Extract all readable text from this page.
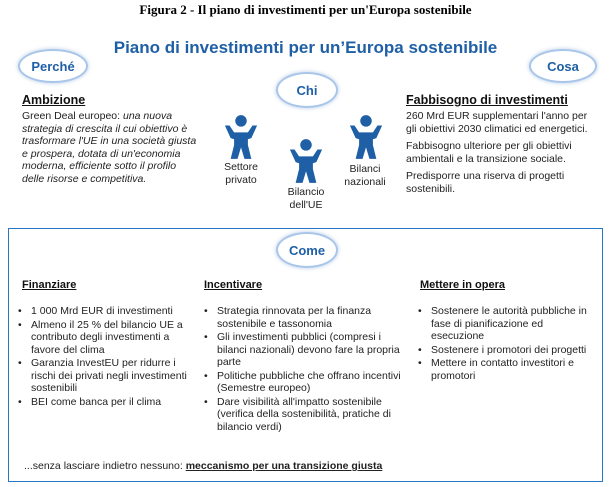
Figura 2 - Il piano di investimenti per un'Europa sostenibile
Piano di investimenti per un’Europa sostenibile
Perché
Chi
Cosa
Ambizione
Green Deal europeo: una nuova strategia di crescita il cui obiettivo è trasformare l'UE in una società giusta e prospera, dotata di un'economia moderna, efficiente sotto il profilo delle risorse e competitiva.
Settore
privato
Bilancio
dell'UE
Bilanci
nazionali
Fabbisogno di investimenti
260 Mrd EUR supplementari l'anno per gli obiettivi 2030 climatici ed energetici.
Fabbisogno ulteriore per gli obiettivi ambientali e la transizione sociale.
Predisporre una riserva di progetti sostenibili.
Come
Finanziare
• 1 000 Mrd EUR di investimenti
• Almeno il 25 % del bilancio UE a contributo degli investimenti a favore del clima
• Garanzia InvestEU per ridurre i rischi dei privati negli investimenti sostenibili
• BEI come banca per il clima
Incentivare
• Strategia rinnovata per la finanza sostenibile e tassonomia
• Gli investimenti pubblici (compresi i bilanci nazionali) devono fare la propria parte
• Politiche pubbliche che offrano incentivi (Semestre europeo)
• Dare visibilità all'impatto sostenibile (verifica della sostenibilità, pratiche di bilancio verdi)
Mettere in opera
• Sostenere le autorità pubbliche in fase di pianificazione ed esecuzione
• Sostenere i promotori dei progetti
• Mettere in contatto investitori e promotori
...senza lasciare indietro nessuno: meccanismo per una transizione giusta
